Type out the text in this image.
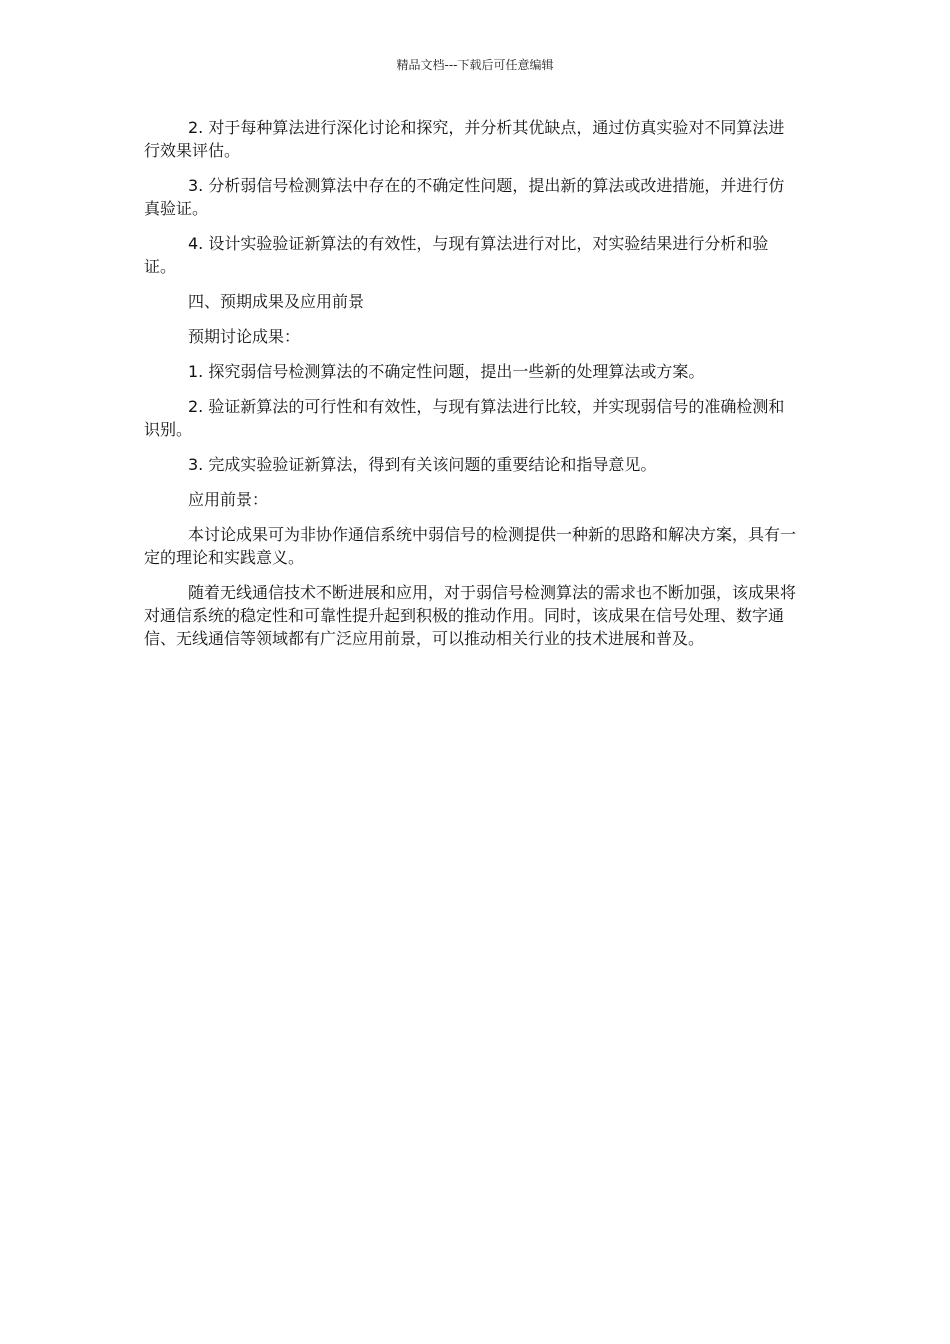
精品文档---下载后可任意编辑

2. 对于每种算法进行深化讨论和探究，并分析其优缺点，通过仿真实验对不同算法进行效果评估。

3. 分析弱信号检测算法中存在的不确定性问题，提出新的算法或改进措施，并进行仿真验证。

4. 设计实验验证新算法的有效性，与现有算法进行对比，对实验结果进行分析和验证。

四、预期成果及应用前景

预期讨论成果：

1. 探究弱信号检测算法的不确定性问题，提出一些新的处理算法或方案。

2. 验证新算法的可行性和有效性，与现有算法进行比较，并实现弱信号的准确检测和识别。

3. 完成实验验证新算法，得到有关该问题的重要结论和指导意见。

应用前景：

本讨论成果可为非协作通信系统中弱信号的检测提供一种新的思路和解决方案，具有一定的理论和实践意义。

随着无线通信技术不断进展和应用，对于弱信号检测算法的需求也不断加强，该成果将对通信系统的稳定性和可靠性提升起到积极的推动作用。同时，该成果在信号处理、数字通信、无线通信等领域都有广泛应用前景，可以推动相关行业的技术进展和普及。
